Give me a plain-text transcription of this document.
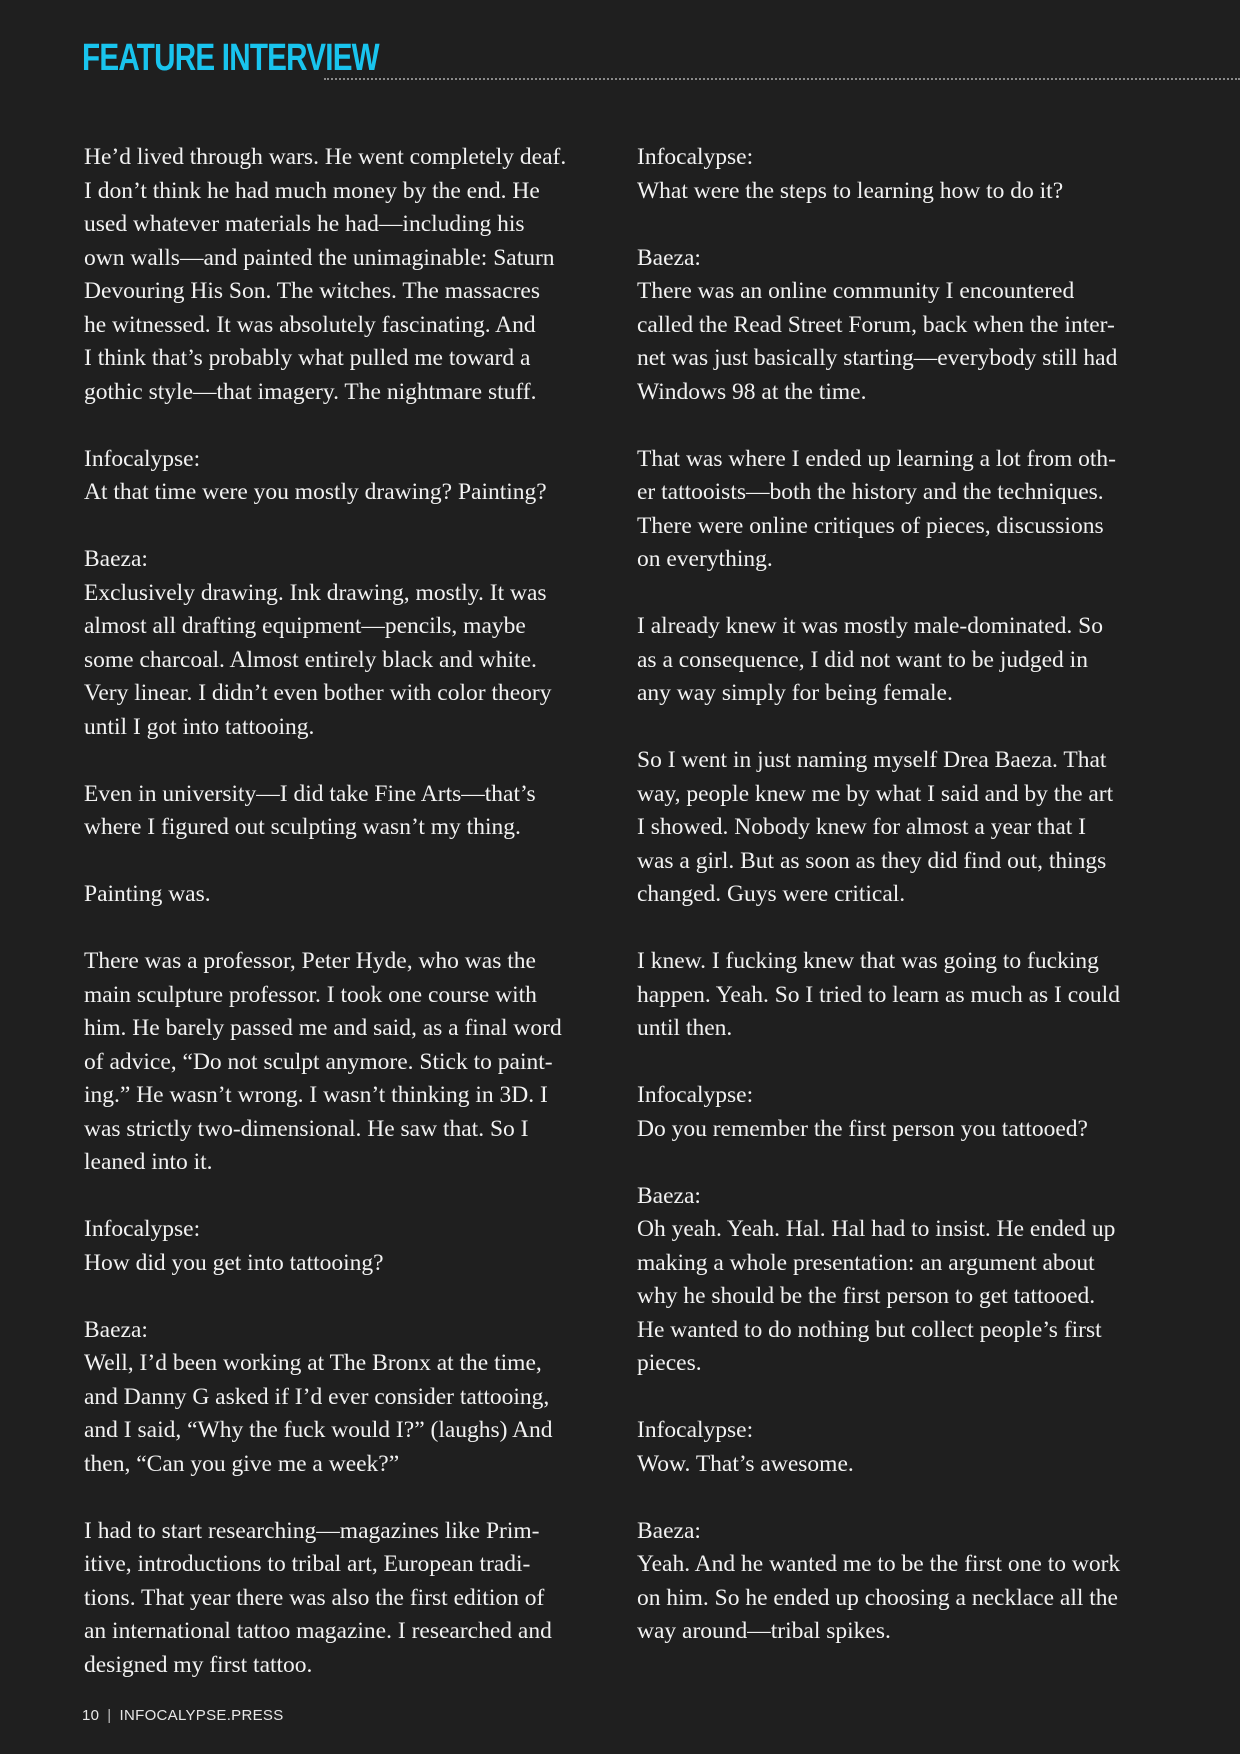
FEATURE INTERVIEW

He’d lived through wars. He went completely deaf.
I don’t think he had much money by the end. He
used whatever materials he had—including his
own walls—and painted the unimaginable: Saturn
Devouring His Son. The witches. The massacres
he witnessed. It was absolutely fascinating. And
I think that’s probably what pulled me toward a
gothic style—that imagery. The nightmare stuff.

Infocalypse:
At that time were you mostly drawing? Painting?

Baeza:
Exclusively drawing. Ink drawing, mostly. It was
almost all drafting equipment—pencils, maybe
some charcoal. Almost entirely black and white.
Very linear. I didn’t even bother with color theory
until I got into tattooing.

Even in university—I did take Fine Arts—that’s
where I figured out sculpting wasn’t my thing.

Painting was.

There was a professor, Peter Hyde, who was the
main sculpture professor. I took one course with
him. He barely passed me and said, as a final word
of advice, “Do not sculpt anymore. Stick to paint-
ing.” He wasn’t wrong. I wasn’t thinking in 3D. I
was strictly two-dimensional. He saw that. So I
leaned into it.

Infocalypse:
How did you get into tattooing?

Baeza:
Well, I’d been working at The Bronx at the time,
and Danny G asked if I’d ever consider tattooing,
and I said, “Why the fuck would I?” (laughs) And
then, “Can you give me a week?”

I had to start researching—magazines like Prim-
itive, introductions to tribal art, European tradi-
tions. That year there was also the first edition of
an international tattoo magazine. I researched and
designed my first tattoo.

Infocalypse:
What were the steps to learning how to do it?

Baeza:
There was an online community I encountered
called the Read Street Forum, back when the inter-
net was just basically starting—everybody still had
Windows 98 at the time.

That was where I ended up learning a lot from oth-
er tattooists—both the history and the techniques.
There were online critiques of pieces, discussions
on everything.

I already knew it was mostly male-dominated. So
as a consequence, I did not want to be judged in
any way simply for being female.

So I went in just naming myself Drea Baeza. That
way, people knew me by what I said and by the art
I showed. Nobody knew for almost a year that I
was a girl. But as soon as they did find out, things
changed. Guys were critical.

I knew. I fucking knew that was going to fucking
happen. Yeah. So I tried to learn as much as I could
until then.

Infocalypse:
Do you remember the first person you tattooed?

Baeza:
Oh yeah. Yeah. Hal. Hal had to insist. He ended up
making a whole presentation: an argument about
why he should be the first person to get tattooed.
He wanted to do nothing but collect people’s first
pieces.

Infocalypse:
Wow. That’s awesome.

Baeza:
Yeah. And he wanted me to be the first one to work
on him. So he ended up choosing a necklace all the
way around—tribal spikes.

10 | INFOCALYPSE.PRESS
